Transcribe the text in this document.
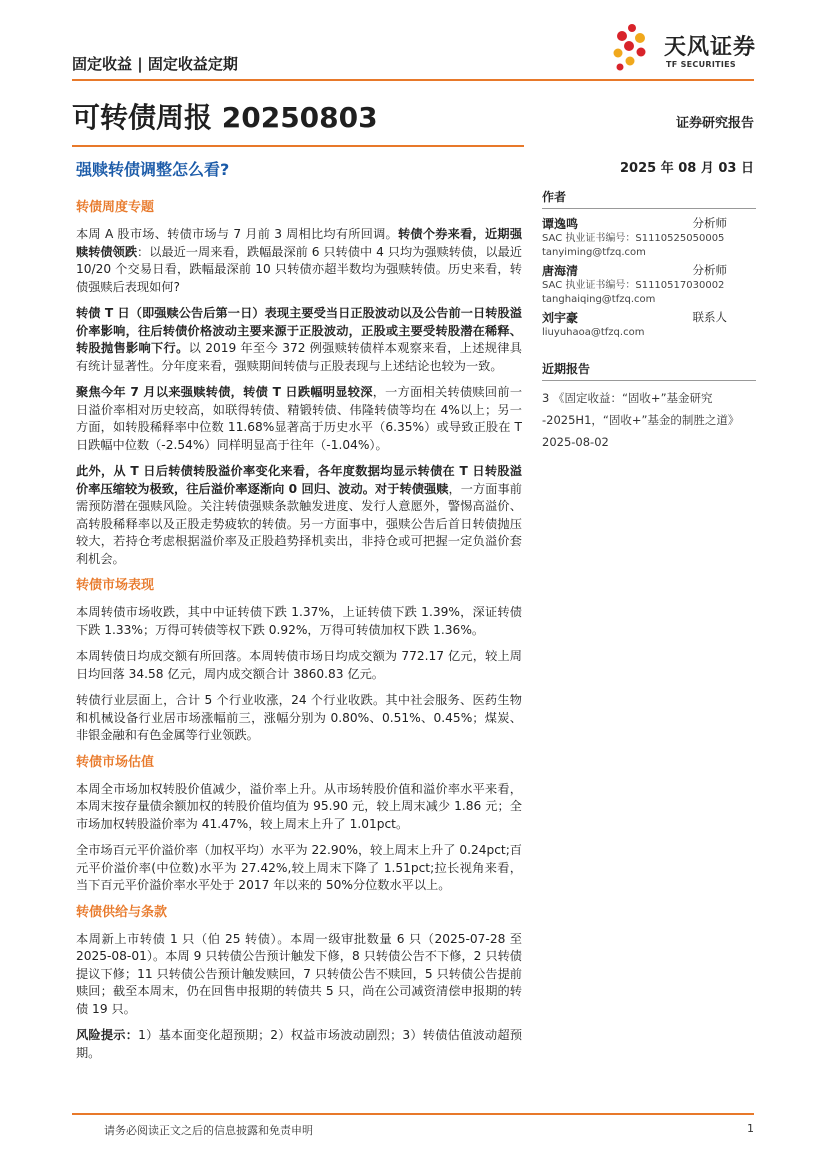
固定收益 | 固定收益定期
天风证券
TF SECURITIES
可转债周报 20250803	证券研究报告
强赎转债调整怎么看?	2025 年 08 月 03 日
转债周度专题

本周 A 股市场、转债市场与 7 月前 3 周相比均有所回调。转债个券来看，近期强赎转债领跌：以最近一周来看，跌幅最深前 6 只转债中 4 只均为强赎转债，以最近 10/20 个交易日看，跌幅最深前 10 只转债亦超半数均为强赎转债。历史来看，转债强赎后表现如何?

转债 T 日（即强赎公告后第一日）表现主要受当日正股波动以及公告前一日转股溢价率影响，往后转债价格波动主要来源于正股波动，正股或主要受转股潜在稀释、转股抛售影响下行。以 2019 年至今 372 例强赎转债样本观察来看，上述规律具有统计显著性。分年度来看，强赎期间转债与正股表现与上述结论也较为一致。

聚焦今年 7 月以来强赎转债，转债 T 日跌幅明显较深，一方面相关转债赎回前一日溢价率相对历史较高，如联得转债、精锻转债、伟隆转债等均在 4%以上；另一方面，如转股稀释率中位数 11.68%显著高于历史水平（6.35%）或导致正股在 T 日跌幅中位数（-2.54%）同样明显高于往年（-1.04%）。

此外，从 T 日后转债转股溢价率变化来看，各年度数据均显示转债在 T 日转股溢价率压缩较为极致，往后溢价率逐渐向 0 回归、波动。对于转债强赎，一方面事前需预防潜在强赎风险。关注转债强赎条款触发进度、发行人意愿外，警惕高溢价、高转股稀释率以及正股走势疲软的转债。另一方面事中，强赎公告后首日转债抛压较大，若持仓考虑根据溢价率及正股趋势择机卖出，非持仓或可把握一定负溢价套利机会。

转债市场表现

本周转债市场收跌，其中中证转债下跌 1.37%，上证转债下跌 1.39%，深证转债下跌 1.33%；万得可转债等权下跌 0.92%，万得可转债加权下跌 1.36%。

本周转债日均成交额有所回落。本周转债市场日均成交额为 772.17 亿元，较上周日均回落 34.58 亿元，周内成交额合计 3860.83 亿元。

转债行业层面上，合计 5 个行业收涨，24 个行业收跌。其中社会服务、医药生物和机械设备行业居市场涨幅前三，涨幅分别为 0.80%、0.51%、0.45%；煤炭、非银金融和有色金属等行业领跌。

转债市场估值

本周全市场加权转股价值减少，溢价率上升。从市场转股价值和溢价率水平来看，本周末按存量债余额加权的转股价值均值为 95.90 元，较上周末减少 1.86 元；全市场加权转股溢价率为 41.47%，较上周末上升了 1.01pct。

全市场百元平价溢价率（加权平均）水平为 22.90%，较上周末上升了 0.24pct;百元平价溢价率(中位数)水平为 27.42%,较上周末下降了 1.51pct;拉长视角来看，当下百元平价溢价率水平处于 2017 年以来的 50%分位数水平以上。

转债供给与条款

本周新上市转债 1 只（伯 25 转债）。本周一级审批数量 6 只（2025-07-28 至 2025-08-01）。本周 9 只转债公告预计触发下修，8 只转债公告不下修，2 只转债提议下修；11 只转债公告预计触发赎回，7 只转债公告不赎回，5 只转债公告提前赎回；截至本周末，仍在回售申报期的转债共 5 只，尚在公司减资清偿申报期的转债 19 只。

风险提示：1）基本面变化超预期；2）权益市场波动剧烈；3）转债估值波动超预期。

作者
谭逸鸣	分析师
SAC 执业证书编号：S1110525050005
tanyiming@tfzq.com
唐海清	分析师
SAC 执业证书编号：S1110517030002
tanghaiqing@tfzq.com
刘宇豪	联系人
liuyuhaoa@tfzq.com
近期报告
3 《固定收益：“固收+”基金研究
-2025H1，“固收+”基金的制胜之道》
2025-08-02
请务必阅读正文之后的信息披露和免责申明	1
